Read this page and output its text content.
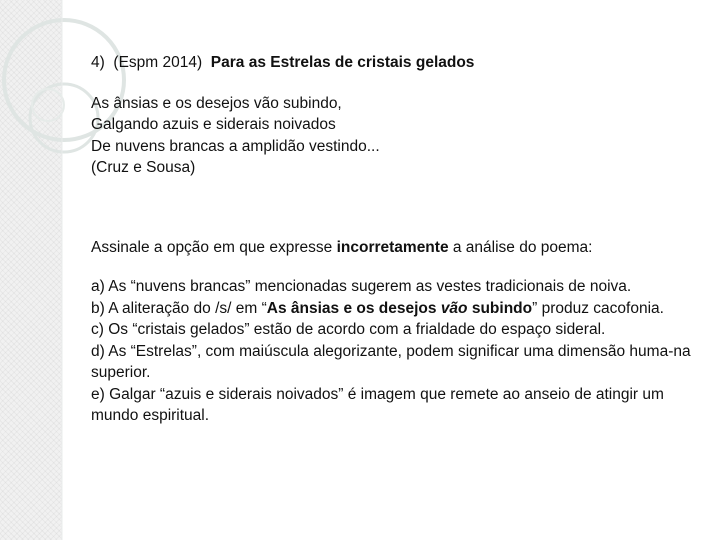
4) (Espm 2014) Para as Estrelas de cristais gelados
As ânsias e os desejos vão subindo,
Galgando azuis e siderais noivados
De nuvens brancas a amplidão vestindo...
(Cruz e Sousa)
Assinale a opção em que expresse incorretamente a análise do poema:
a) As “nuvens brancas” mencionadas sugerem as vestes tradicionais de noiva.
b) A aliteração do /s/ em “As ânsias e os desejos vão subindo” produz cacofonia.
c) Os “cristais gelados” estão de acordo com a frialdade do espaço sideral.
d) As “Estrelas”, com maiúscula alegorizante, podem significar uma dimensão huma-na superior.
e) Galgar “azuis e siderais noivados” é imagem que remete ao anseio de atingir um mundo espiritual.
